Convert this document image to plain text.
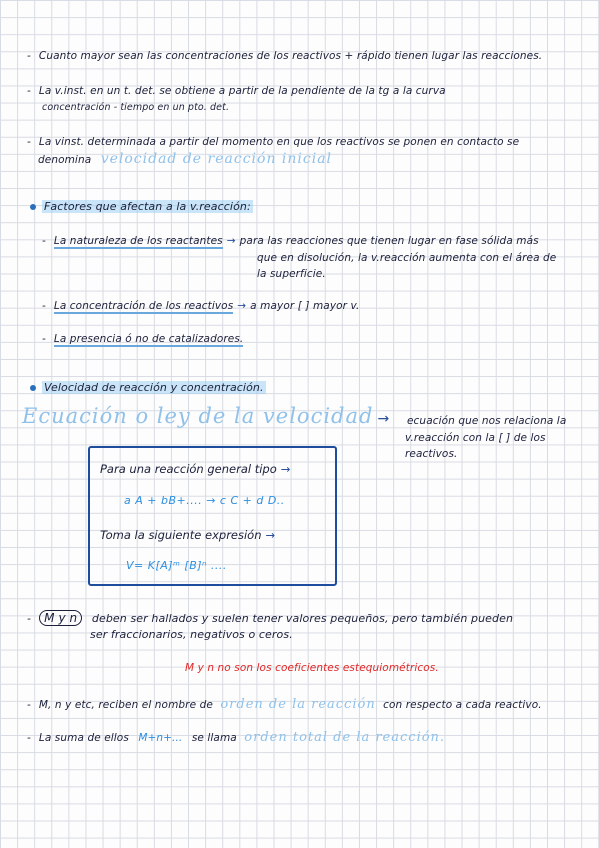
- Cuanto mayor sean las concentraciones de los reactivos + rápido tienen lugar las reacciones.
- La v.inst. en un t. det. se obtiene a partir de la pendiente de la tg a la curva
concentración - tiempo en un pto. det.
- La vinst. determinada a partir del momento en que los reactivos se ponen en contacto se
denomina velocidad de reacción inicial
Factores que afectan a la v.reacción:
- La naturaleza de los reactantes → para las reacciones que tienen lugar en fase sólida más
que en disolución, la v.reacción aumenta con el área de
la superficie.
- La concentración de los reactivos → a mayor [ ] mayor v.
- La presencia ó no de catalizadores.
Velocidad de reacción y concentración.
Ecuación o ley de la velocidad →	ecuación que nos relaciona la
v.reacción con la [ ] de los
reactivos.
Para una reacción general tipo →
a A + bB+.... → c C + d D..
Toma la siguiente expresión →
V= K[A]ᵐ [B]ⁿ ....
- M y n deben ser hallados y suelen tener valores pequeños, pero también pueden
ser fraccionarios, negativos o ceros.
M y n no son los coeficientes estequiométricos.
- M, n y etc, reciben el nombre de orden de la reacción con respecto a cada reactivo.
- La suma de ellos M+n+... se llama orden total de la reacción.
